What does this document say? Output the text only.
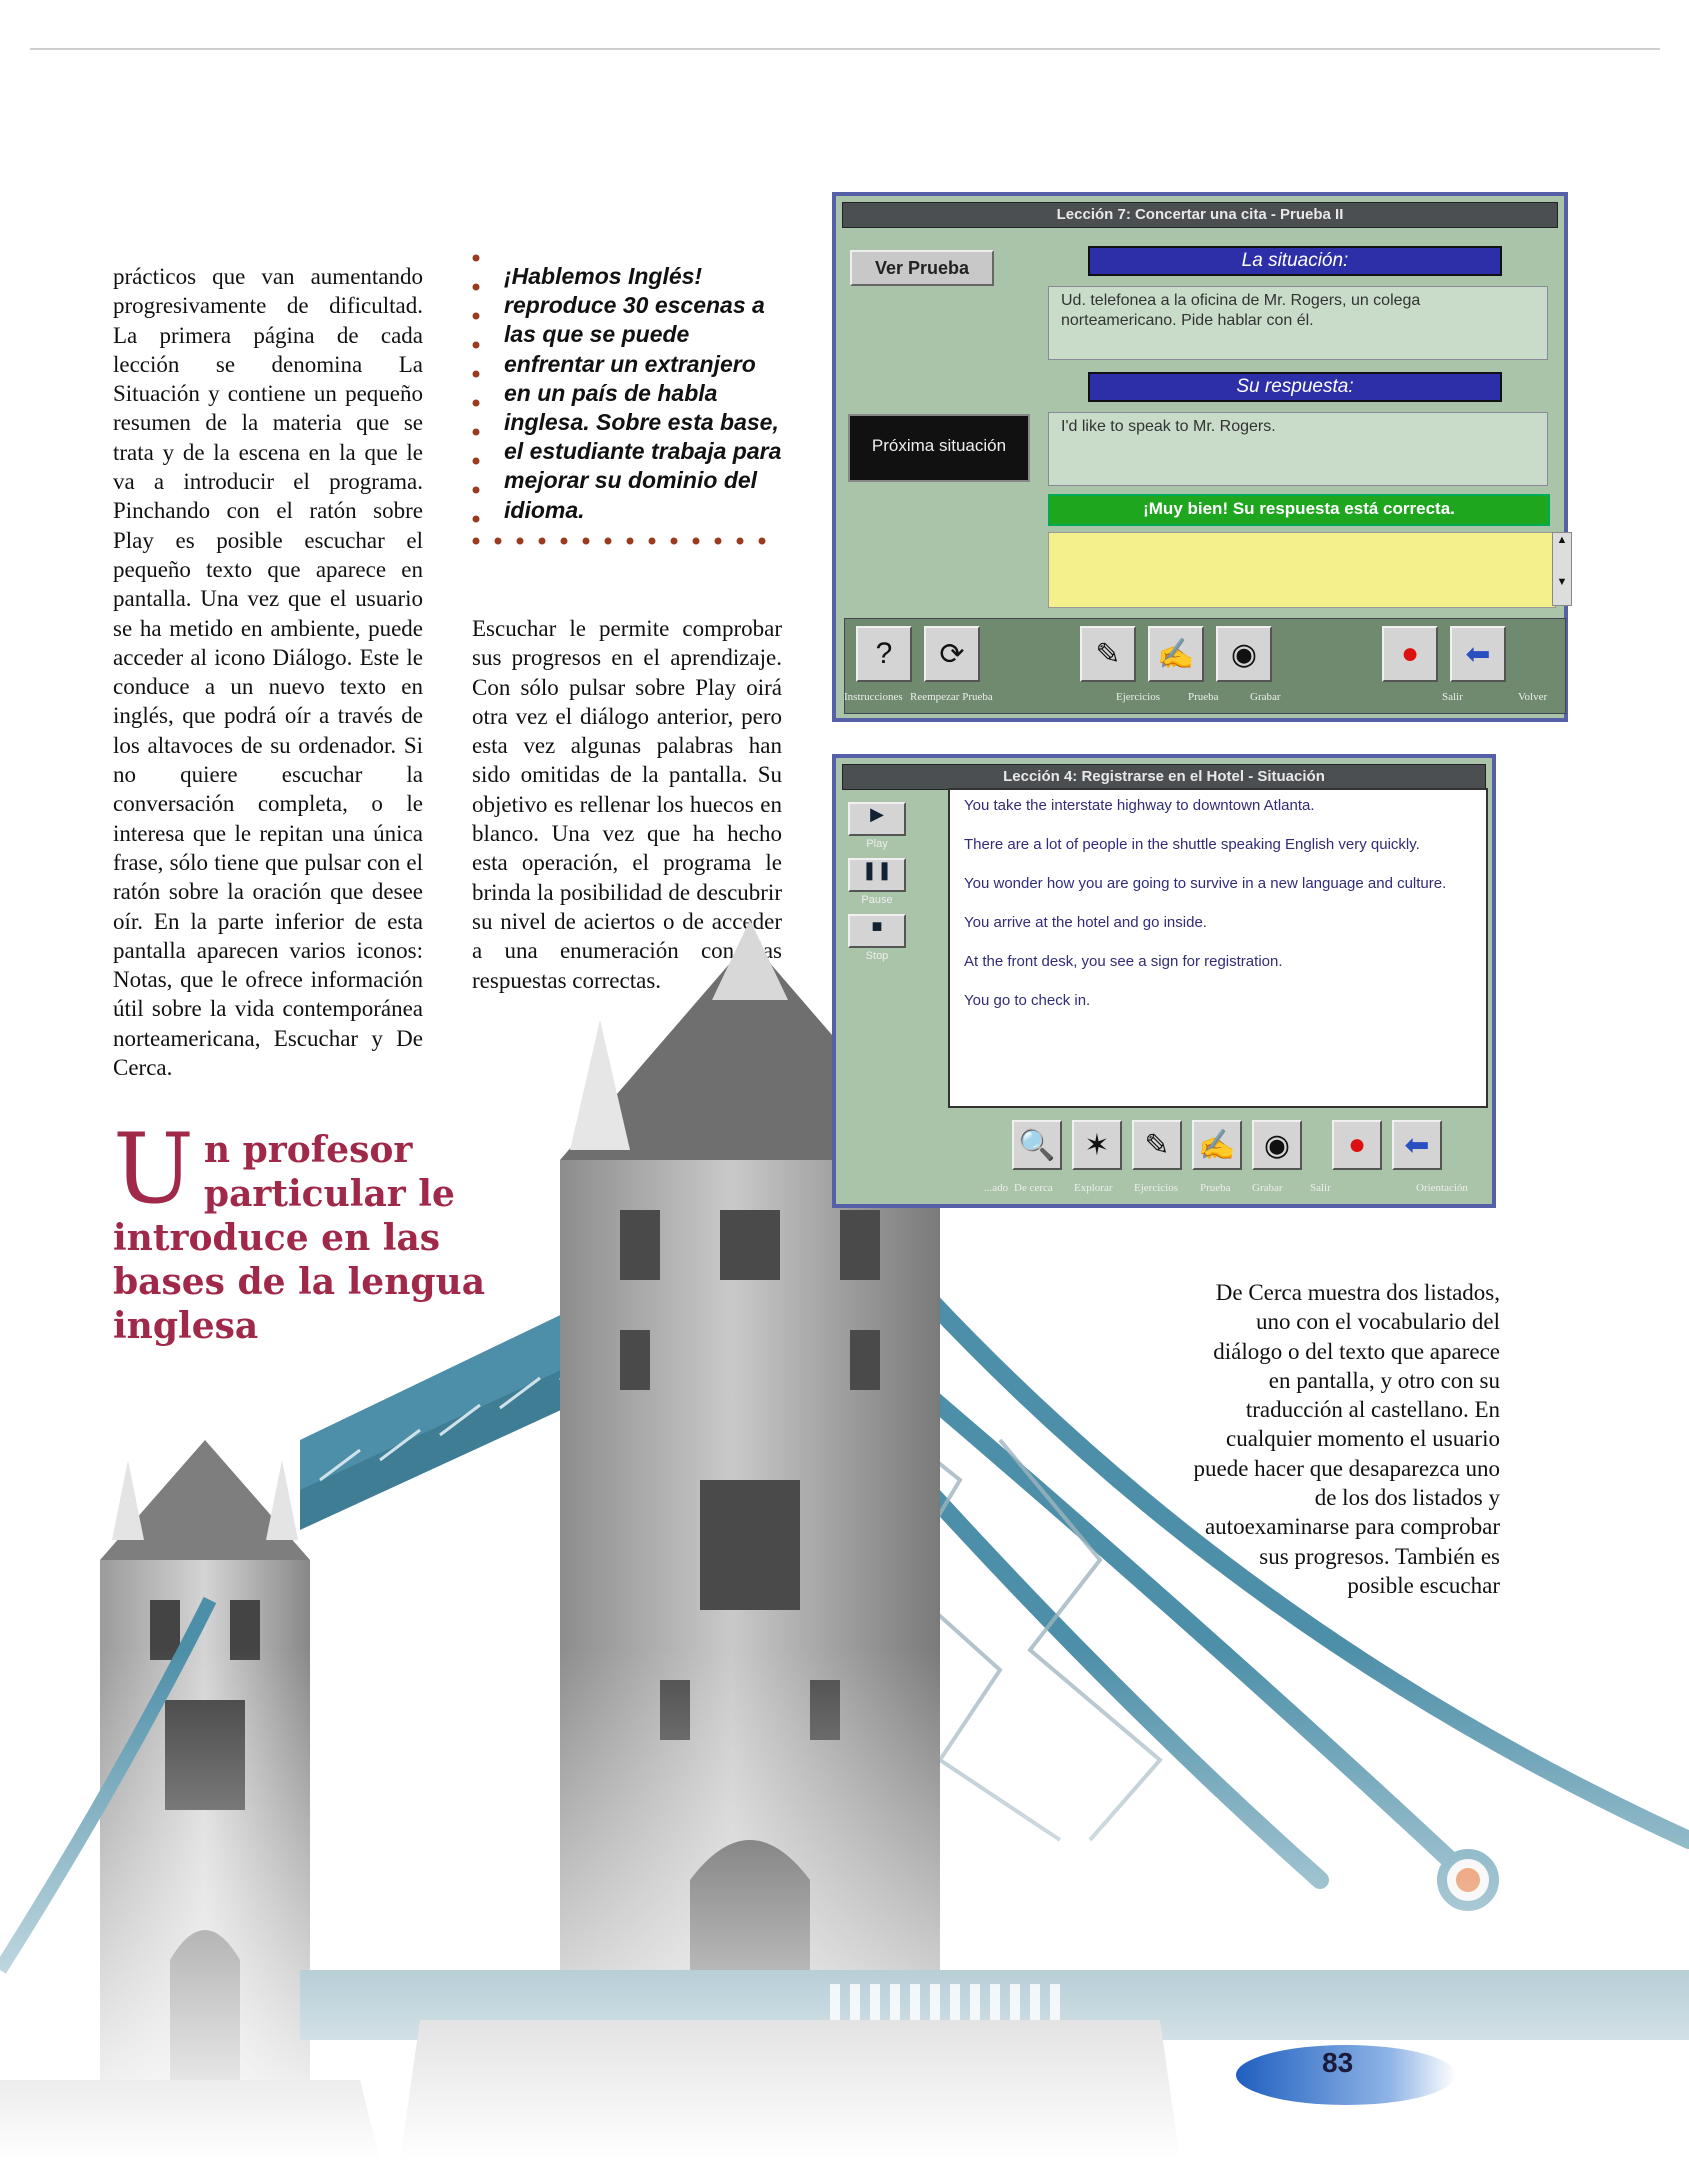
prácticos que van aumentando progresivamente de dificultad. La primera página de cada lección se denomina La Situación y contiene un pequeño resumen de la materia que se trata y de la escena en la que le va a introducir el programa. Pinchando con el ratón sobre Play es posible escuchar el pequeño texto que aparece en pantalla. Una vez que el usuario se ha metido en ambiente, puede acceder al icono Diálogo. Este le conduce a un nuevo texto en inglés, que podrá oír a través de los altavoces de su ordenador. Si no quiere escuchar la conversación completa, o le interesa que le repitan una única frase, sólo tiene que pulsar con el

¡Hablemos Inglés! reproduce 30 escenas a las que se puede enfrentar un extranjero en un país de habla inglesa. Sobre esta base, el estudiante trabaja para mejorar su dominio del idioma.

Escuchar le permite comprobar sus progresos en el aprendizaje. Con sólo pulsar sobre Play oirá otra vez el diálogo anterior, pero esta vez algunas palabras han sido omitidas de la pantalla. Su objetivo es rellenar los huecos en blanco. Una vez que ha hecho esta operación, el programa le

Lección 7: Concertar una cita - Prueba II
Ver Prueba	La situación:
Ud. telefonea a la oficina de Mr. Rogers, un colega norteamericano. Pide hablar con él.
Su respuesta:
I'd like to speak to Mr. Rogers.
Próxima situación
¡Muy bien! Su respuesta está correcta.
▲

▼
?	⟳	✎	✍	◉	●	⬅
Instrucciones Reempezar Prueba	Ejercicios	Prueba	Grabar	Salir	Volver
Lección 4: Registrarse en el Hotel - Situación
▶
Play
❚❚
Pause
■
Stop

You take the interstate highway to downtown Atlanta.

There are a lot of people in the shuttle speaking English very quickly.

You wonder how you are going to survive in a new language and culture.

You arrive at the hotel and go inside.

At the front desk, you see a sign for registration.

You go to check in.

🔍 ✶	✎ ✍ ◉	●	⬅
...ado De cerca Explorar Ejercicios Prueba Grabar Salir	Orientación
Un profesor particular le introduce en las bases de la lengua inglesa

De Cerca muestra dos listados, uno con el vocabulario del diálogo o del texto que aparece en pantalla, y otro con su traducción al castellano. En cualquier momento el usuario puede hacer que desaparezca uno de los dos listados y autoexaminarse para comprobar sus progresos. También es posible escuchar

83
